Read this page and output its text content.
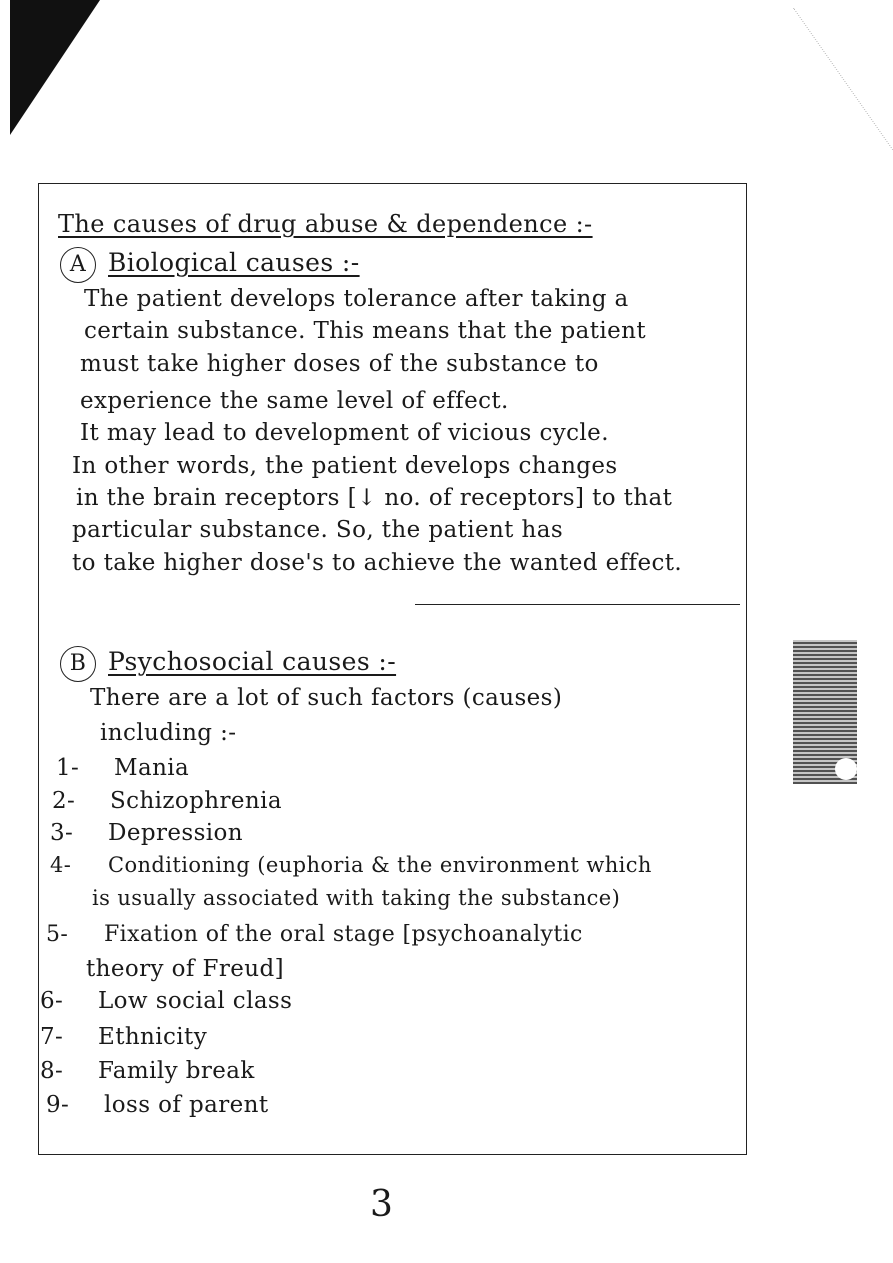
The causes of drug abuse & dependence :-

A Biological causes :-

The patient develops tolerance after taking a

certain substance. This means that the patient

must take higher doses of the substance to

experience the same level of effect.

It may lead to development of vicious cycle.

In other words, the patient develops changes

in the brain receptors [↓ no. of receptors] to that

particular substance. So, the patient has

to take higher dose's to achieve the wanted effect.

B Psychosocial causes :-

There are a lot of such factors (causes)

including :-

1- Mania

2- Schizophrenia

3- Depression

4- Conditioning (euphoria & the environment which

is usually associated with taking the substance)

5- Fixation of the oral stage [psychoanalytic

theory of Freud]

6- Low social class

7- Ethnicity

8- Family break

9- loss of parent

3
